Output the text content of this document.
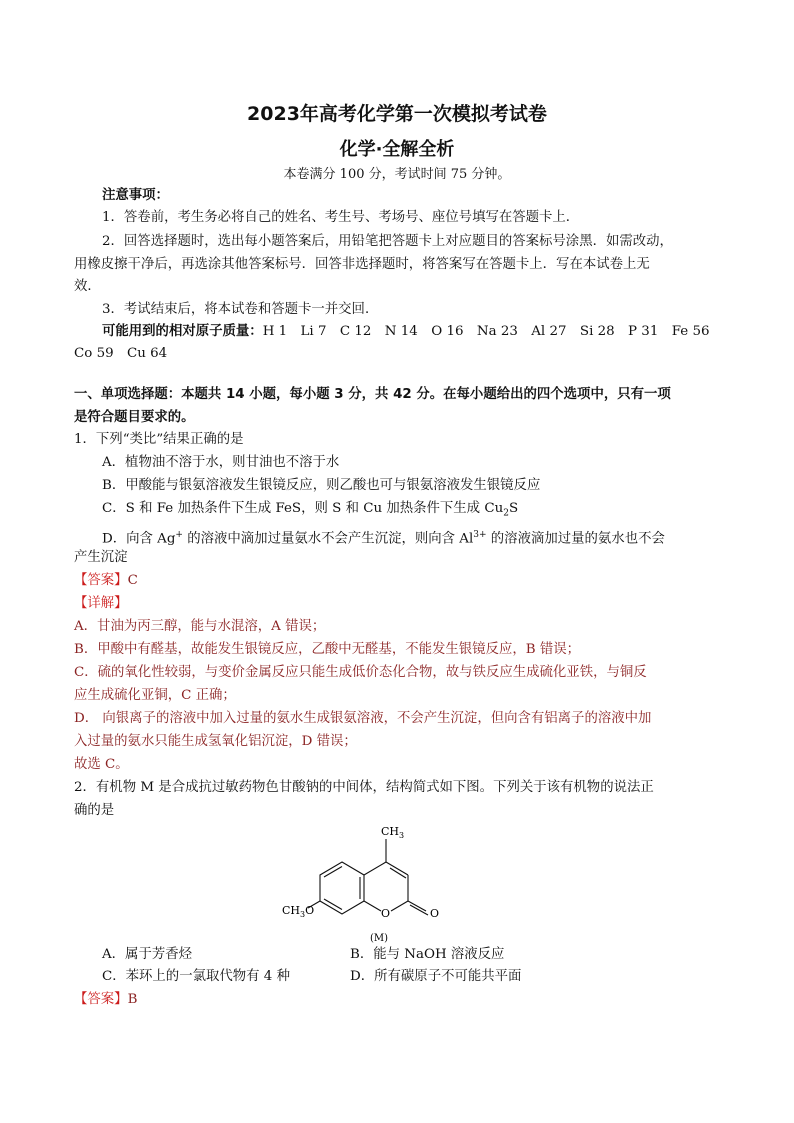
2023年高考化学第一次模拟考试卷
化学·全解全析
本卷满分 100 分，考试时间 75 分钟。
注意事项：
1．答卷前，考生务必将自己的姓名、考生号、考场号、座位号填写在答题卡上．
2．回答选择题时，选出每小题答案后，用铅笔把答题卡上对应题目的答案标号涂黑．如需改动，
用橡皮擦干净后，再选涂其他答案标号．回答非选择题时，将答案写在答题卡上．写在本试卷上无
效．
3．考试结束后，将本试卷和答题卡一并交回．
可能用到的相对原子质量：H 1　Li 7　C 12　N 14　O 16　Na 23　Al 27　Si 28　P 31　Fe 56
Co 59　Cu 64
一、单项选择题：本题共 14 小题，每小题 3 分，共 42 分。在每小题给出的四个选项中，只有一项
是符合题目要求的。
1．下列“类比”结果正确的是
A．植物油不溶于水，则甘油也不溶于水
B．甲酸能与银氨溶液发生银镜反应，则乙酸也可与银氨溶液发生银镜反应
C．S 和 Fe 加热条件下生成 FeS，则 S 和 Cu 加热条件下生成 $Cu_2S$
D．向含 Ag+ 的溶液中滴加过量氨水不会产生沉淀，则向含 $Al^{3+}$ 的溶液滴加过量的氨水也不会
产生沉淀
【答案】C
【详解】
A．甘油为丙三醇，能与水混溶，A 错误；
B．甲酸中有醛基，故能发生银镜反应，乙酸中无醛基，不能发生银镜反应，B 错误；
C．硫的氧化性较弱，与变价金属反应只能生成低价态化合物，故与铁反应生成硫化亚铁，与铜反
应生成硫化亚铜，C 正确；
D． 向银离子的溶液中加入过量的氨水生成银氨溶液，不会产生沉淀，但向含有铝离子的溶液中加
入过量的氨水只能生成氢氧化铝沉淀，D 错误；
故选 C。
2．有机物 M 是合成抗过敏药物色甘酸钠的中间体，结构简式如下图。下列关于该有机物的说法正
确的是
$CH_3$
$CH_3O$	O	O
(M)
A．属于芳香烃	B．能与 NaOH 溶液反应
C．苯环上的一氯取代物有 4 种	D．所有碳原子不可能共平面
【答案】B
